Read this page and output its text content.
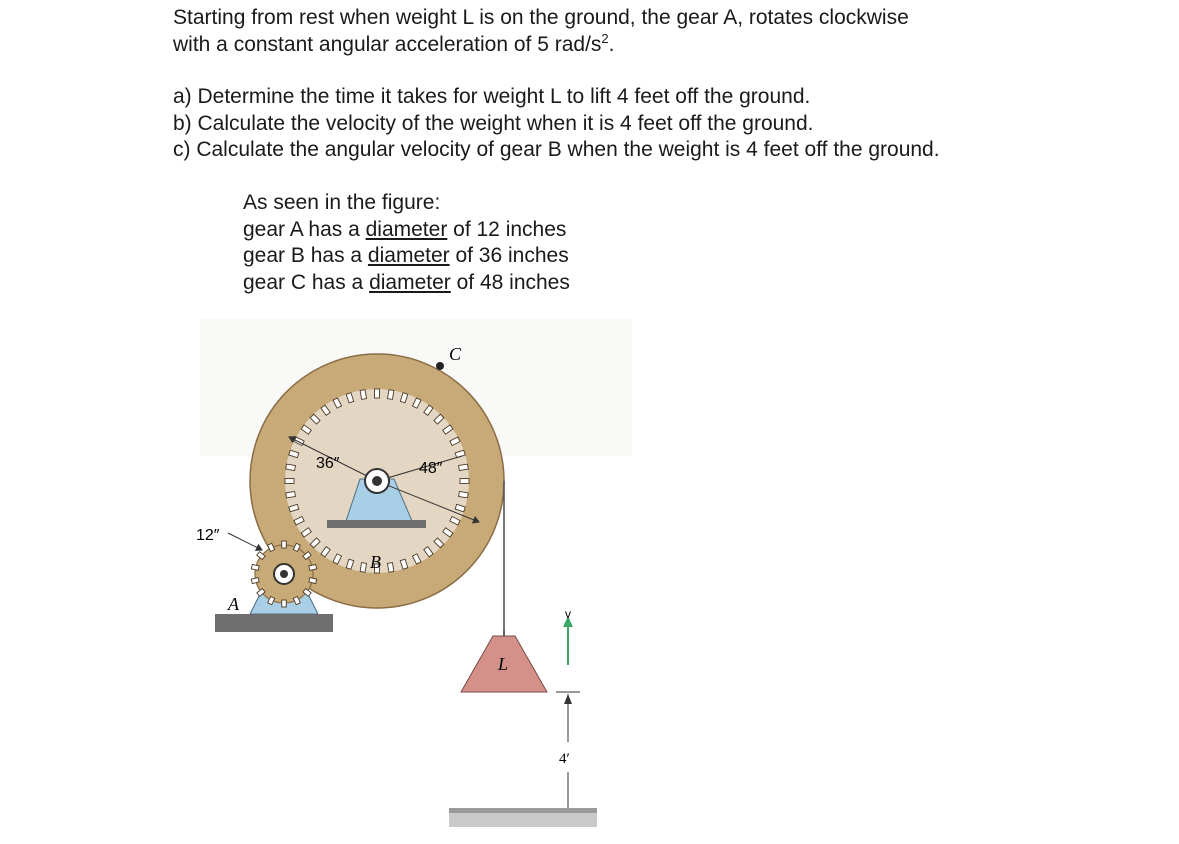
Starting from rest when weight L is on the ground, the gear A, rotates clockwise
with a constant angular acceleration of 5 rad/$s^2$.
a) Determine the time it takes for weight L to lift 4 feet off the ground.
b) Calculate the velocity of the weight when it is 4 feet off the ground.
c) Calculate the angular velocity of gear B when the weight is 4 feet off the ground.
As seen in the figure:
gear A has a diameter of 12 inches
gear B has a diameter of 36 inches
gear C has a diameter of 48 inches
C
B
A
L
36″	48″
12″
v
4′
